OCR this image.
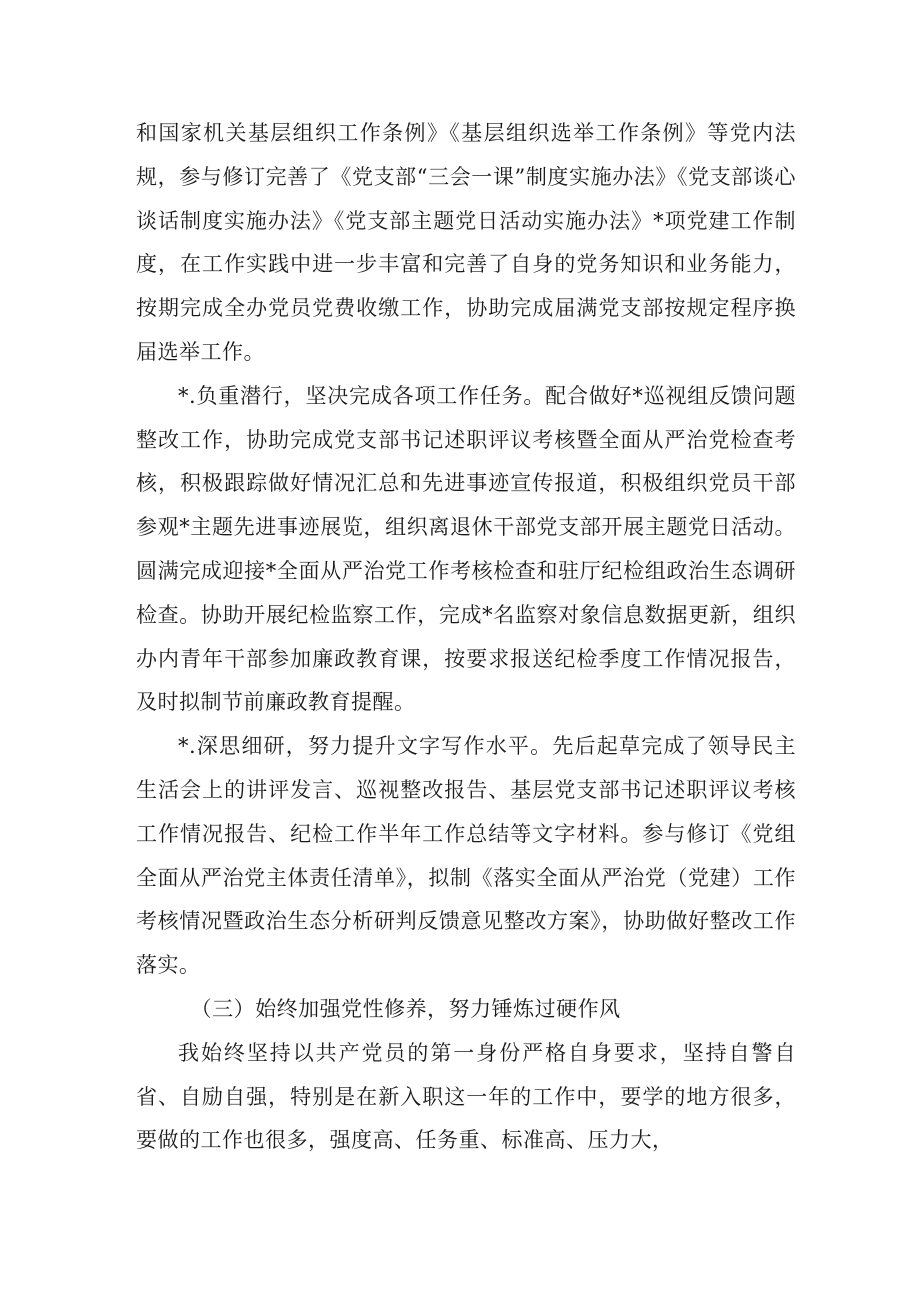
和国家机关基层组织工作条例》《基层组织选举工作条例》等党内法规，参与修订完善了《党支部“三会一课”制度实施办法》《党支部谈心谈话制度实施办法》《党支部主题党日活动实施办法》*项党建工作制度，在工作实践中进一步丰富和完善了自身的党务知识和业务能力，按期完成全办党员党费收缴工作，协助完成届满党支部按规定程序换届选举工作。

*.负重潜行，坚决完成各项工作任务。配合做好*巡视组反馈问题整改工作，协助完成党支部书记述职评议考核暨全面从严治党检查考核，积极跟踪做好情况汇总和先进事迹宣传报道，积极组织党员干部参观*主题先进事迹展览，组织离退休干部党支部开展主题党日活动。圆满完成迎接*全面从严治党工作考核检查和驻厅纪检组政治生态调研检查。协助开展纪检监察工作，完成*名监察对象信息数据更新，组织办内青年干部参加廉政教育课，按要求报送纪检季度工作情况报告，及时拟制节前廉政教育提醒。

*.深思细研，努力提升文字写作水平。先后起草完成了领导民主生活会上的讲评发言、巡视整改报告、基层党支部书记述职评议考核工作情况报告、纪检工作半年工作总结等文字材料。参与修订《党组全面从严治党主体责任清单》，拟制《落实全面从严治党（党建）工作考核情况暨政治生态分析研判反馈意见整改方案》，协助做好整改工作落实。

（三）始终加强党性修养，努力锤炼过硬作风

我始终坚持以共产党员的第一身份严格自身要求，坚持自警自省、自励自强，特别是在新入职这一年的工作中，要学的地方很多，要做的工作也很多，强度高、任务重、标准高、压力大，
